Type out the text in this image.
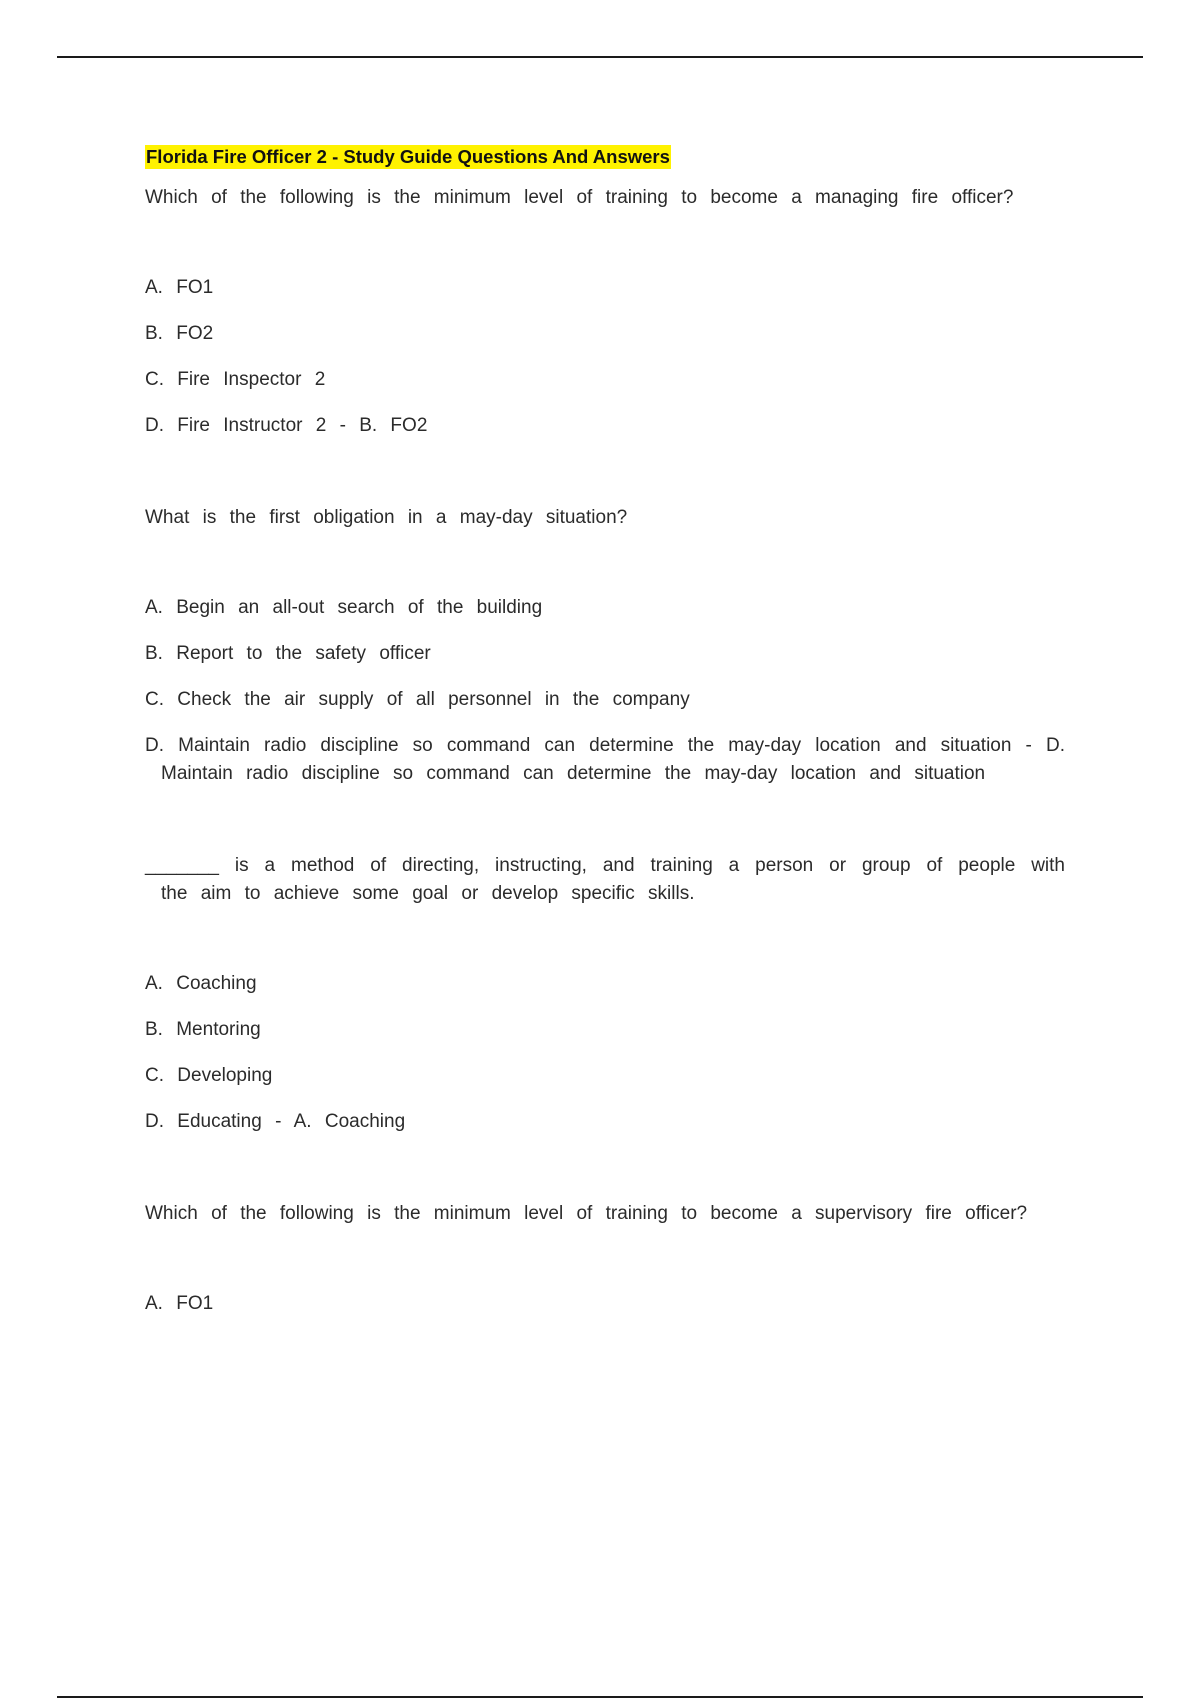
Florida Fire Officer 2 - Study Guide Questions And Answers

Which of the following is the minimum level of training to become a managing fire officer?

A. FO1
B. FO2
C. Fire Inspector 2
D. Fire Instructor 2 - B. FO2

What is the first obligation in a may-day situation?

A. Begin an all-out search of the building
B. Report to the safety officer
C. Check the air supply of all personnel in the company
D. Maintain radio discipline so command can determine the may-day location and situation - D. Maintain radio discipline so command can determine the may-day location and situation

_______ is a method of directing, instructing, and training a person or group of people with the aim to achieve some goal or develop specific skills.

A. Coaching
B. Mentoring
C. Developing
D. Educating - A. Coaching

Which of the following is the minimum level of training to become a supervisory fire officer?

A. FO1
